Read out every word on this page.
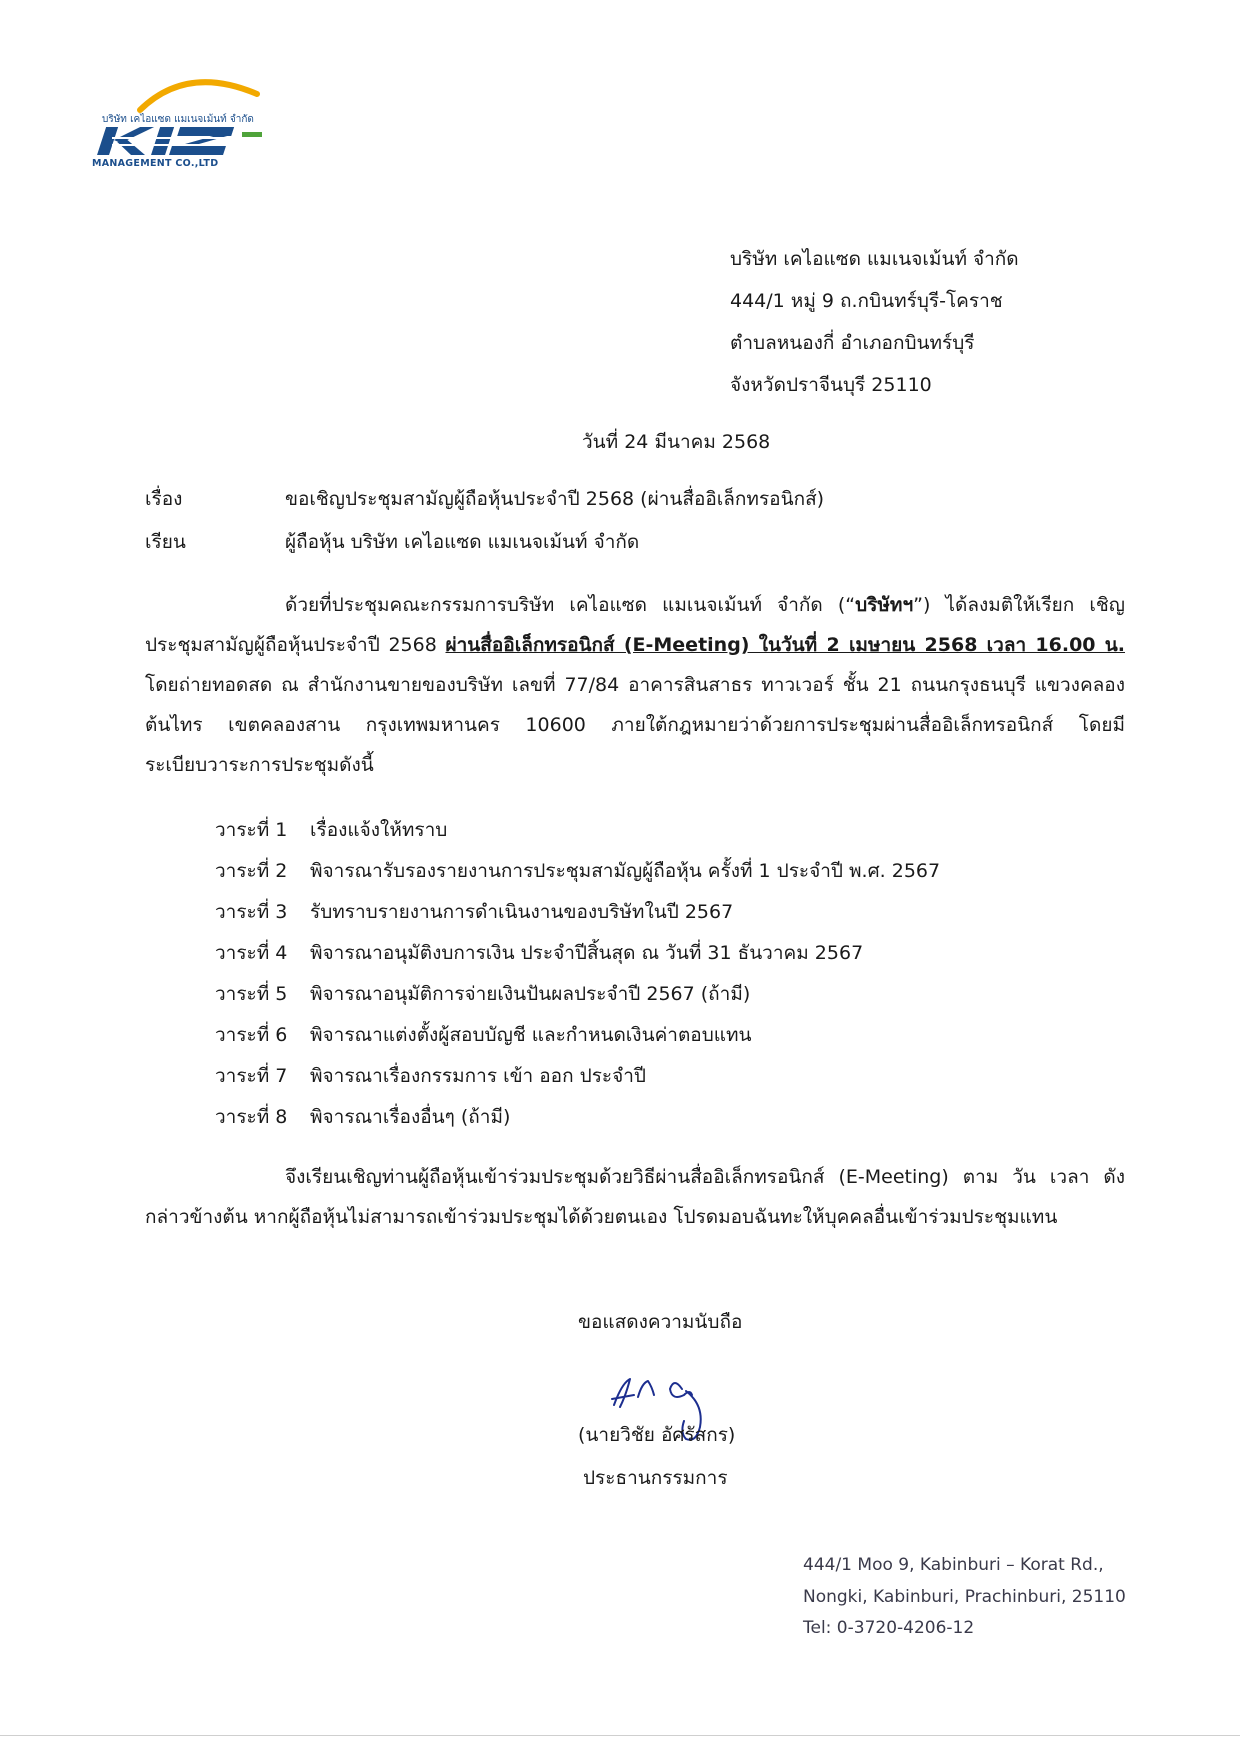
บริษัท เคไอแซด แมเนจเม้นท์ จำกัด
MANAGEMENT CO.,LTD
บริษัท เคไอแซด แมเนจเม้นท์ จำกัด
444/1 หมู่ 9 ถ.กบินทร์บุรี-โคราช
ตำบลหนองกี่ อำเภอกบินทร์บุรี
จังหวัดปราจีนบุรี 25110
วันที่ 24 มีนาคม 2568
เรื่อง	ขอเชิญประชุมสามัญผู้ถือหุ้นประจำปี 2568 (ผ่านสื่ออิเล็กทรอนิกส์)
เรียน	ผู้ถือหุ้น บริษัท เคไอแซด แมเนจเม้นท์ จำกัด
ด้วยที่ประชุมคณะกรรมการบริษัท เคไอแซด แมเนจเม้นท์ จำกัด (“บริษัทฯ”) ได้ลงมติให้เรียก เชิญประชุมสามัญผู้ถือหุ้นประจำปี 2568 ผ่านสื่ออิเล็กทรอนิกส์ (E-Meeting) ในวันที่ 2 เมษายน 2568 เวลา 16.00 น. โดยถ่ายทอดสด ณ สำนักงานขายของบริษัท เลขที่ 77/84 อาคารสินสาธร ทาวเวอร์ ชั้น 21 ถนนกรุงธนบุรี แขวงคลองต้นไทร เขตคลองสาน กรุงเทพมหานคร 10600 ภายใต้กฎหมายว่าด้วยการประชุมผ่านสื่ออิเล็กทรอนิกส์ โดยมีระเบียบวาระการประชุมดังนี้
วาระที่ 1 เรื่องแจ้งให้ทราบ
วาระที่ 2 พิจารณารับรองรายงานการประชุมสามัญผู้ถือหุ้น ครั้งที่ 1 ประจำปี พ.ศ. 2567
วาระที่ 3 รับทราบรายงานการดำเนินงานของบริษัทในปี 2567
วาระที่ 4 พิจารณาอนุมัติงบการเงิน ประจำปีสิ้นสุด ณ วันที่ 31 ธันวาคม 2567
วาระที่ 5 พิจารณาอนุมัติการจ่ายเงินปันผลประจำปี 2567 (ถ้ามี)
วาระที่ 6 พิจารณาแต่งตั้งผู้สอบบัญชี และกำหนดเงินค่าตอบแทน
วาระที่ 7 พิจารณาเรื่องกรรมการ เข้า ออก ประจำปี
วาระที่ 8 พิจารณาเรื่องอื่นๆ (ถ้ามี)
จึงเรียนเชิญท่านผู้ถือหุ้นเข้าร่วมประชุมด้วยวิธีผ่านสื่ออิเล็กทรอนิกส์ (E-Meeting) ตาม วัน เวลา ดังกล่าวข้างต้น หากผู้ถือหุ้นไม่สามารถเข้าร่วมประชุมได้ด้วยตนเอง โปรดมอบฉันทะให้บุคคลอื่นเข้าร่วมประชุมแทน
ขอแสดงความนับถือ
(นายวิชัย อัศรัสกร)
ประธานกรรมการ
444/1 Moo 9, Kabinburi – Korat Rd.,
Nongki, Kabinburi, Prachinburi, 25110
Tel: 0-3720-4206-12
